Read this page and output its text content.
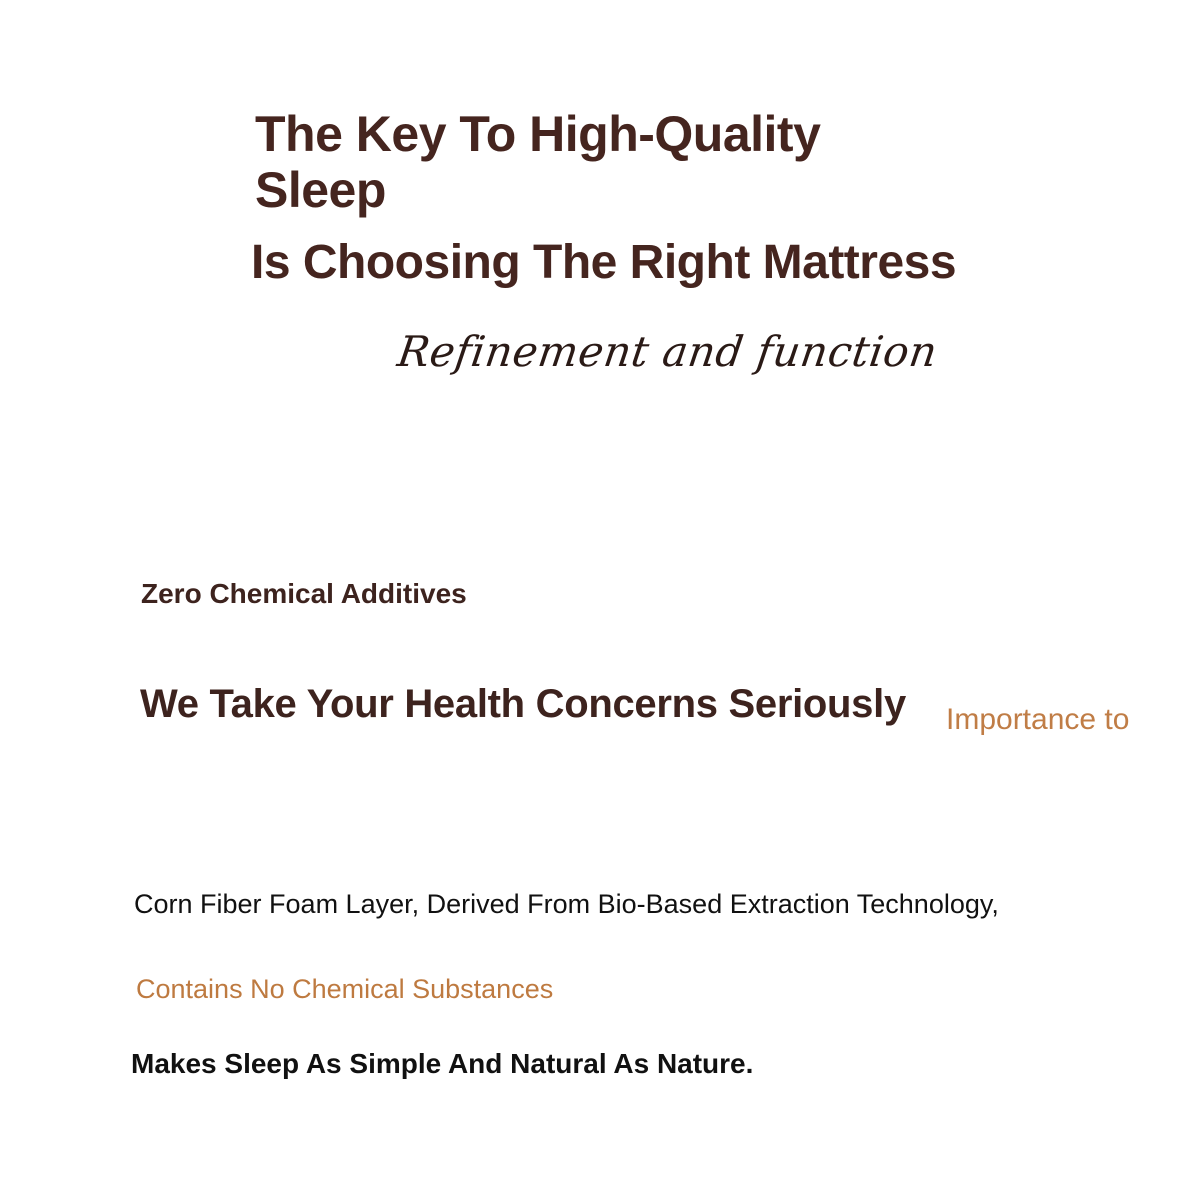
The Key To High-Quality
Sleep
Is Choosing The Right Mattress
Refinement and function
Zero Chemical Additives
We Take Your Health Concerns Seriously Importance to
Corn Fiber Foam Layer, Derived From Bio-Based Extraction Technology,
Contains No Chemical Substances
Makes Sleep As Simple And Natural As Nature.
